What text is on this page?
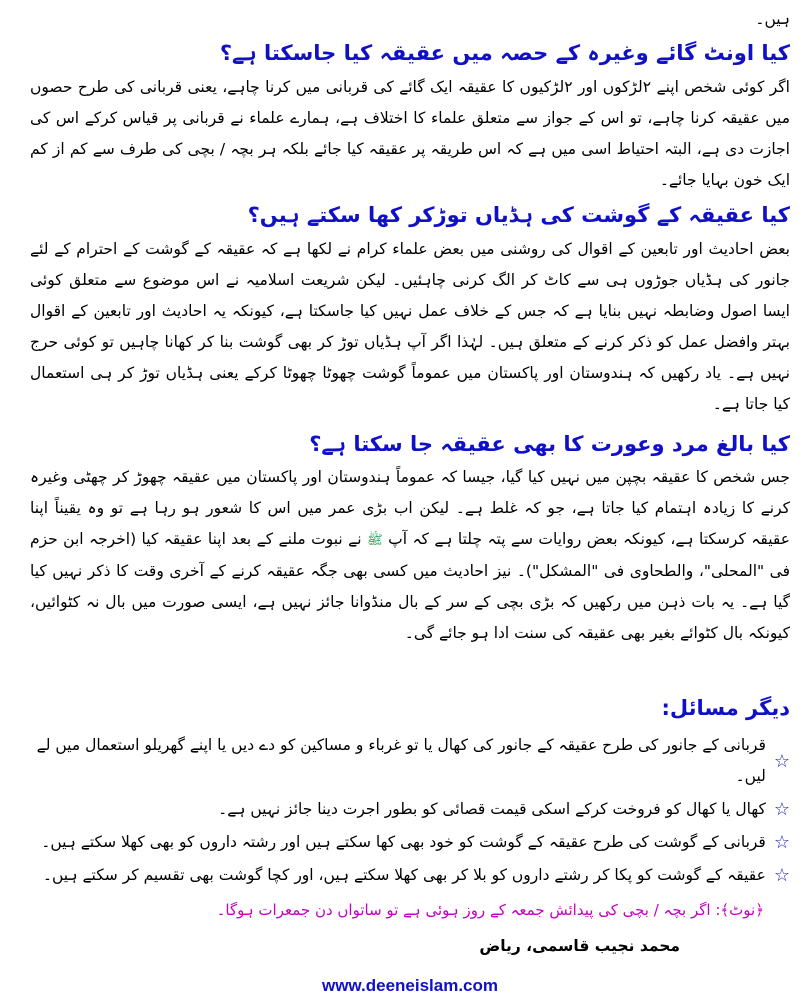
ہیں۔

کیا اونٹ گائے وغیرہ کے حصہ میں عقیقہ کیا جاسکتا ہے؟

اگر کوئی شخص اپنے ۲لڑکوں اور ۲لڑکیوں کا عقیقہ ایک گائے کی قربانی میں کرنا چاہے، یعنی قربانی کی طرح حصوں میں عقیقہ کرنا چاہے، تو اس کے جواز سے متعلق علماء کا اختلاف ہے، ہمارے علماء نے قربانی پر قیاس کرکے اس کی اجازت دی ہے، البتہ احتیاط اسی میں ہے کہ اس طریقہ پر عقیقہ کیا جائے بلکہ ہر بچہ / بچی کی طرف سے کم از کم ایک خون بہایا جائے۔

کیا عقیقہ کے گوشت کی ہڈیاں توڑکر کھا سکتے ہیں؟

بعض احادیث اور تابعین کے اقوال کی روشنی میں بعض علماء کرام نے لکھا ہے کہ عقیقہ کے گوشت کے احترام کے لئے جانور کی ہڈیاں جوڑوں ہی سے کاٹ کر الگ کرنی چاہئیں۔ لیکن شریعت اسلامیہ نے اس موضوع سے متعلق کوئی ایسا اصول وضابطہ نہیں بنایا ہے کہ جس کے خلاف عمل نہیں کیا جاسکتا ہے، کیونکہ یہ احادیث اور تابعین کے اقوال بہتر وافضل عمل کو ذکر کرنے کے متعلق ہیں۔ لہٰذا اگر آپ ہڈیاں توڑ کر بھی گوشت بنا کر کھانا چاہیں تو کوئی حرج نہیں ہے۔ یاد رکھیں کہ ہندوستان اور پاکستان میں عموماً گوشت چھوٹا چھوٹا کرکے یعنی ہڈیاں توڑ کر ہی استعمال کیا جاتا ہے۔

کیا بالغ مرد وعورت کا بھی عقیقہ جا سکتا ہے؟

جس شخص کا عقیقہ بچپن میں نہیں کیا گیا، جیسا کہ عموماً ہندوستان اور پاکستان میں عقیقہ چھوڑ کر چھٹی وغیرہ کرنے کا زیادہ اہتمام کیا جاتا ہے، جو کہ غلط ہے۔ لیکن اب بڑی عمر میں اس کا شعور ہو رہا ہے تو وہ یقیناً اپنا عقیقہ کرسکتا ہے، کیونکہ بعض روایات سے پتہ چلتا ہے کہ آپ ﷺ نے نبوت ملنے کے بعد اپنا عقیقہ کیا (اخرجہ ابن حزم فی "المحلی"، والطحاوی فی "المشکل")۔ نیز احادیث میں کسی بھی جگہ عقیقہ کرنے کے آخری وقت کا ذکر نہیں کیا گیا ہے۔ یہ بات ذہن میں رکھیں کہ بڑی بچی کے سر کے بال منڈوانا جائز نہیں ہے، ایسی صورت میں بال نہ کٹوائیں، کیونکہ بال کٹوائے بغیر بھی عقیقہ کی سنت ادا ہو جائے گی۔

دیگر مسائل:
☆
قربانی کے جانور کی طرح عقیقہ کے جانور کی کھال یا تو غرباء و مساکین کو دے دیں یا اپنے گھریلو استعمال میں لے لیں۔
☆
کھال یا کھال کو فروخت کرکے اسکی قیمت قصائی کو بطور اجرت دینا جائز نہیں ہے۔
☆
قربانی کے گوشت کی طرح عقیقہ کے گوشت کو خود بھی کھا سکتے ہیں اور رشتہ داروں کو بھی کھلا سکتے ہیں۔
☆
عقیقہ کے گوشت کو پکا کر رشتے داروں کو بلا کر بھی کھلا سکتے ہیں، اور کچا گوشت بھی تقسیم کر سکتے ہیں۔
﴿نوٹ﴾: اگر بچہ / بچی کی پیدائش جمعہ کے روز ہوئی ہے تو ساتواں دن جمعرات ہوگا۔
محمد نجیب قاسمی، ریاض
www.deeneislam.com
